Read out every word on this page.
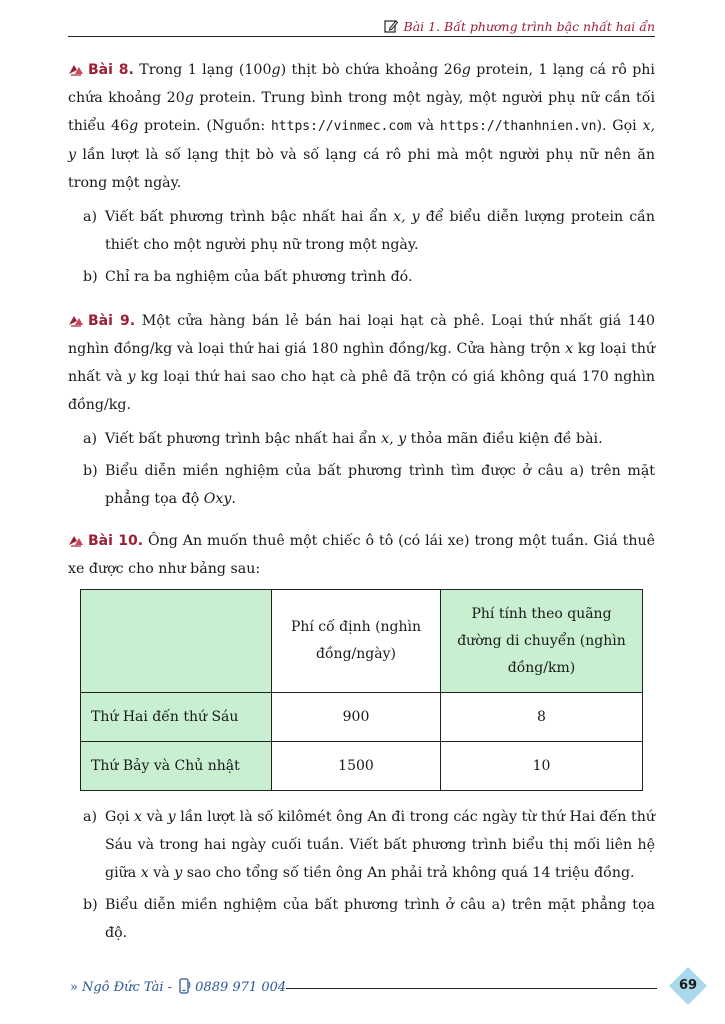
Bài 1. Bất phương trình bậc nhất hai ẩn

Bài 8. Trong 1 lạng (100g) thịt bò chứa khoảng 26g protein, 1 lạng cá rô phi chứa khoảng 20g protein. Trung bình trong một ngày, một người phụ nữ cần tối thiểu 46g protein. (Nguồn: https://vinmec.com và https://thanhnien.vn). Gọi x, y lần lượt là số lạng thịt bò và số lạng cá rô phi mà một người phụ nữ nên ăn trong một ngày.

a) Viết bất phương trình bậc nhất hai ẩn x, y để biểu diễn lượng protein cần thiết cho một người phụ nữ trong một ngày.
b) Chỉ ra ba nghiệm của bất phương trình đó.

Bài 9. Một cửa hàng bán lẻ bán hai loại hạt cà phê. Loại thứ nhất giá 140 nghìn đồng/kg và loại thứ hai giá 180 nghìn đồng/kg. Cửa hàng trộn x kg loại thứ nhất và y kg loại thứ hai sao cho hạt cà phê đã trộn có giá không quá 170 nghìn đồng/kg.

a) Viết bất phương trình bậc nhất hai ẩn x, y thỏa mãn điều kiện đề bài.
b) Biểu diễn miền nghiệm của bất phương trình tìm được ở câu a) trên mặt phẳng tọa độ Oxy.

Bài 10. Ông An muốn thuê một chiếc ô tô (có lái xe) trong một tuần. Giá thuê xe được cho như bảng sau:

	Phí cố định (nghìn đồng/ngày)	Phí tính theo quãng đường di chuyển (nghìn đồng/km)
Thứ Hai đến thứ Sáu	900	8
Thứ Bảy và Chủ nhật	1500	10
a) Gọi x và y lần lượt là số kilômét ông An đi trong các ngày từ thứ Hai đến thứ Sáu và trong hai ngày cuối tuần. Viết bất phương trình biểu thị mối liên hệ giữa x và y sao cho tổng số tiền ông An phải trả không quá 14 triệu đồng.
b) Biểu diễn miền nghiệm của bất phương trình ở câu a) trên mặt phẳng tọa độ.
» Ngô Đức Tài - 0889 971 004	69
